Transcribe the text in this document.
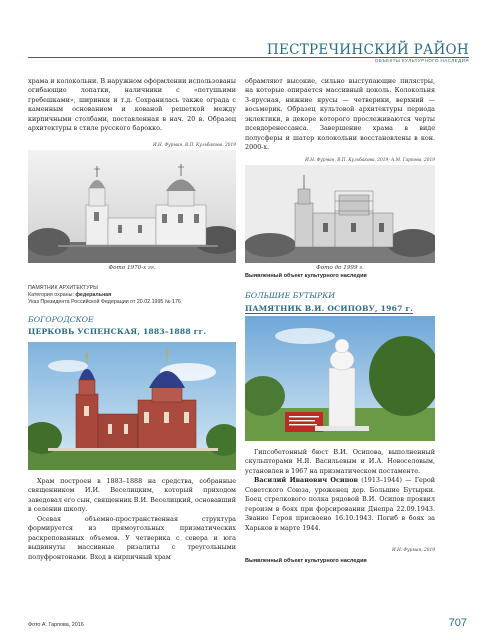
ПЕСТРЕЧИНСКИЙ РАЙОН
ОБЪЕКТЫ КУЛЬТУРНОГО НАСЛЕДИЯ

храма и колокольни. В наружном оформлении использованы огибающие лопатки, наличники с «петушьими гребешками», ширинки и т.д. Сохранилась также ограда с каменным основанием и кованой решеткой между кирпичными столбами, поставленная в нач. 20 в. Образец архитектуры в стиле русского барокко.

И.Н. Фурман, В.П. Кульбакова, 2019

обрамляют высокие, сильно выступающие пилястры, на которые опирается массивный цоколь. Колокольня 3-ярусная, нижние ярусы — четверики, верхний — восьмерик. Образец культовой архитектуры периода эклектики, в декоре которого прослеживаются черты псевдоренессанса. Завершение храма в виде полусферы и шатер колокольни восстановлены в кон. 2000-х.

И.Н. Фурман, В.П. Кульбакова, 2019; А.М. Гарпова, 2019
Фото 1970-х гг.	Фото до 1999 г.
Выявленный объект культурного наследия
ПАМЯТНИК АРХИТЕКТУРЫ
Категория охраны: федеральная
Указ Президента Российской Федерации от 20.02.1995 № 176
БОГОРОДСКОЕ
ЦЕРКОВЬ УСПЕНСКАЯ, 1883–1888 гг.
БОЛЬШИЕ БУТЫРКИ
ПАМЯТНИК В.И. ОСИПОВУ, 1967 г.

Храм построен в 1883–1888 на средства, собранные священником И.И. Веселицким, который приходом заведовал его сын, священник В.И. Веселицкий, основавший в селении школу.

Осевая объемно-пространственная структура формируется из прямоугольных призматических раскрепованных объемов. У четверика с севера и юга выдвинуты массивные ризалиты с треугольными полуфронтонами. Вход в кирпичный храм

Гипсобетонный бюст В.И. Осипова, выполненный скульпторами Н.Я. Васильевым и И.А. Новоселовым, установлен в 1967 на призматическом постаменте.

Василий Иванович Осипов (1913–1944) — Герой Советского Союза, уроженец дер. Большие Бутырки. Боец стрелкового полка рядовой В.И. Осипов проявил героизм в боях при форсировании Днепра 22.09.1943. Звание Героя присвоено 16.10.1943. Погиб в боях за Харьков в марте 1944.

И.Н. Фурман, 2019
Выявленный объект культурного наследия
Фото А. Гарпова, 2016	707
